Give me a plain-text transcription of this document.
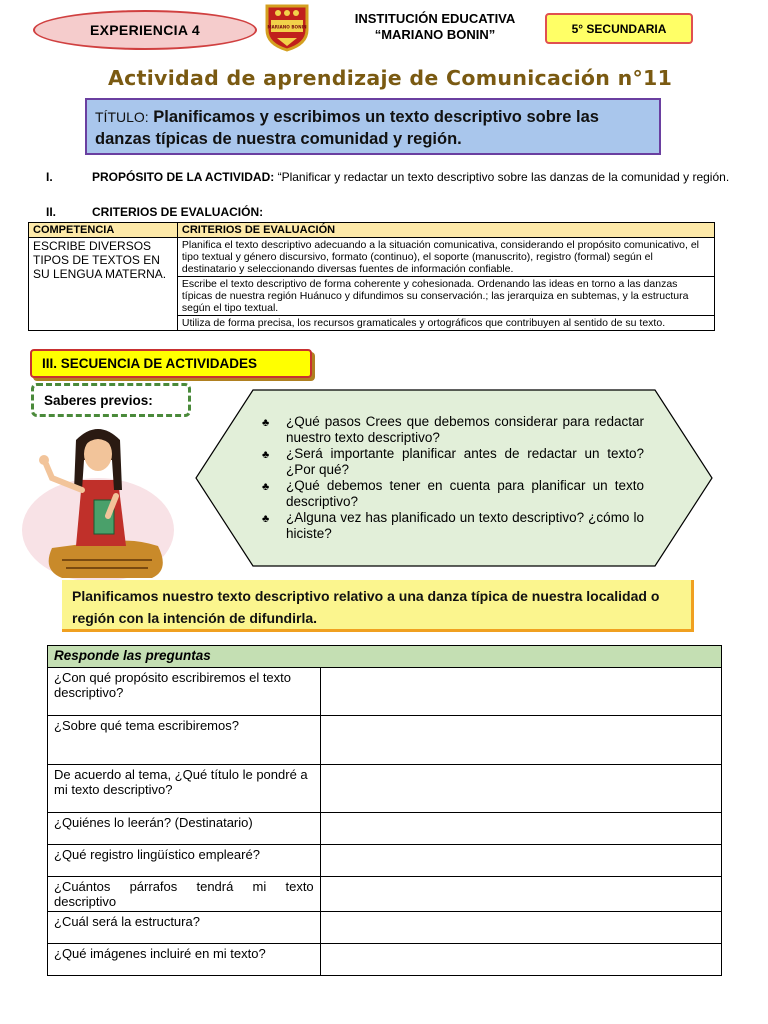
EXPERIENCIA 4	MARIANO BONIN
INSTITUCIÓN EDUCATIVA
“MARIANO BONIN”	5° SECUNDARIA
Actividad de aprendizaje de Comunicación n°11
TÍTULO: Planificamos y escribimos un texto descriptivo sobre las danzas típicas de nuestra comunidad y región.
I.	PROPÓSITO DE LA ACTIVIDAD: “Planificar y redactar un texto descriptivo sobre las danzas de la comunidad y región.
II.	CRITERIOS DE EVALUACIÓN:
COMPETENCIA	CRITERIOS DE EVALUACIÓN
ESCRIBE DIVERSOS TIPOS DE TEXTOS EN SU LENGUA MATERNA.	Planifica el texto descriptivo adecuando a la situación comunicativa, considerando el propósito comunicativo, el tipo textual y género discursivo, formato (continuo), el soporte (manuscrito), registro (formal) según el destinatario y seleccionando diversas fuentes de información confiable.
	Escribe el texto descriptivo de forma coherente y cohesionada. Ordenando las ideas en torno a las danzas típicas de nuestra región Huánuco y difundimos su conservación.; las jerarquiza en subtemas, y la estructura según el tipo textual.
	Utiliza de forma precisa, los recursos gramaticales y ortográficos que contribuyen al sentido de su texto.
III. SECUENCIA DE ACTIVIDADES
Saberes previos:
♣ ¿Qué pasos Crees que debemos considerar para redactar nuestro texto descriptivo?
♣ ¿Será importante planificar antes de redactar un texto? ¿Por qué?
♣ ¿Qué debemos tener en cuenta para planificar un texto descriptivo?
♣ ¿Alguna vez has planificado un texto descriptivo? ¿cómo lo hiciste?
Planificamos nuestro texto descriptivo relativo a una danza típica de nuestra localidad o región con la intención de difundirla.
Responde las preguntas	
¿Con qué propósito escribiremos el texto descriptivo?	
¿Sobre qué tema escribiremos?	
De acuerdo al tema, ¿Qué título le pondré a mi texto descriptivo?	
¿Quiénes lo leerán? (Destinatario)	
¿Qué registro lingüístico emplearé?	
¿Cuántos párrafos tendrá mi texto descriptivo	
¿Cuál será la estructura?	
¿Qué imágenes incluiré en mi texto?	
